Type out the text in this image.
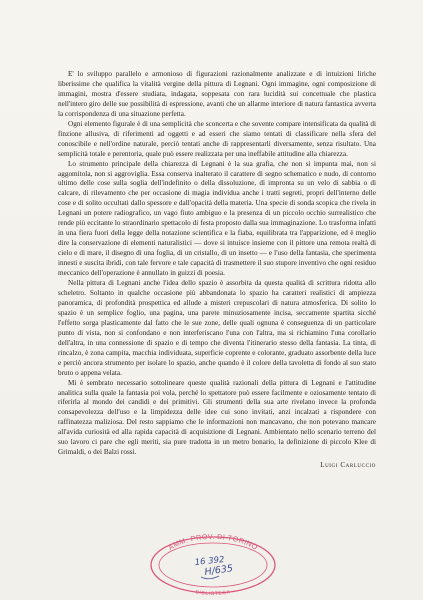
E' lo sviluppo parallelo e armonioso di figurazioni razionalmente analizzate e di intuizioni liriche liberissime che qualifica la vitalità vergine della pittura di Legnani. Ogni immagine, ogni composizione di immagini, mostra d'essere studiata, indagata, soppesata con rara lucidità sui concettuale che plastica nell'intero giro delle sue possibilità di espressione, avanti che un allarme interiore di natura fantastica avverta la corrispondenza di una situazione perfetta.

Ogni elemento figurale è di una semplicità che sconcerta e che sovente compare intensificata da qualità di finzione allusiva, di riferimenti ad oggetti e ad esseri che siamo tentati di classificare nella sfera del conoscibile e nell'ordine naturale, perciò tentati anche di rappresentarli diversamente, senza risultato. Una semplicità totale e perentoria, quale può essere realizzata per una ineffabile attitudine alla chiarezza.

Lo strumento principale della chiarezza di Legnani è la sua grafia, che non si impunta mai, non si aggomitola, non si aggroviglia. Essa conserva inalterato il carattere di segno schematico e nudo, di contorno ultimo delle cose sulla soglia dell'indefinito o della dissoluzione, di impronta su un velo di sabbia o di calcare, di rilevamento che per occasione di magia individua anche i tratti segreti, propri dell'interno delle cose e di solito occultati dallo spessore e dall'opacità della materia. Una specie di sonda scopica che rivela in Legnani un potere radiografico, un vago fiuto ambiguo e la presenza di un piccolo occhio surrealistico che rende più eccitante lo straordinario spettacolo di festa proposto dalla sua immaginazione. Lo trasforma infatti in una fiera fuori della legge della notazione scientifica e la fiaba, equilibrata tra l'apparizione, ed è meglio dire la conservazione di elementi naturalistici — dove si intuisce insieme con il pittore una remota realtà di cielo e di mare, il disegno di una foglia, di un cristallo, di un insetto — e l'uso della fantasia, che sperimenta innesti e suscita ibridi, con tale fervore e tale capacità di trasmettere il suo stupore inventivo che ogni residuo meccanico dell'operazione è annullato in guizzi di poesia.

Nella pittura di Legnani anche l'idea dello spazio è assorbita da questa qualità di scrittura ridotta allo scheletro. Soltanto in qualche occasione più abbandonata lo spazio ha caratteri realistici di ampiezza panoramica, di profondità prospettica ed allude a misteri crepuscolari di natura atmosferica. Di solito lo spazio è un semplice foglio, una pagina, una parete minuziosamente incisa, seccamente spartita sicché l'effetto sorga plasticamente dal fatto che le sue zone, delle quali ognuna è conseguenza di un particolare punto di vista, non si confondano e non interferiscano l'una con l'altra, ma si richiamino l'una corollario dell'altra, in una connessione di spazio e di tempo che diventa l'itinerario stesso della fantasia. La tinta, di rincalzo, è zona campita, macchia individuata, superficie coprente e colorante, graduato assorbente della luce e perciò ancora strumento per isolare lo spazio, anche quando è il colore della tavoletta di fondo al suo stato bruto o appena velata.

Mi è sembrato necessario sottolineare queste qualità razionali della pittura di Legnani e l'attitudine analitica sulla quale la fantasia poi vola, perché lo spettatore può essere facilmente e oziosamente tentato di riferirla al mondo dei candidi e dei primitivi. Gli strumenti della sua arte rivelano invece la profonda consapevolezza dell'uso e la limpidezza delle idee cui sono invitati, anzi incalzati a rispondere con raffinatezza maliziosa. Del resto sappiamo che le informazioni non mancavano, che non potevano mancare all'avida curiosità ed alla rapida capacità di acquisizione di Legnani. Ambientato nello scenario terreno del suo lavoro ci pare che egli meriti, sia pure tradotta in un metro bonario, la definizione di piccolo Klee di Grimaldi, o dei Balzi rossi.

Luigi Carluccio
AMM. PROV. DI TORINO
BIBLIOTECA
16 392
H/635
